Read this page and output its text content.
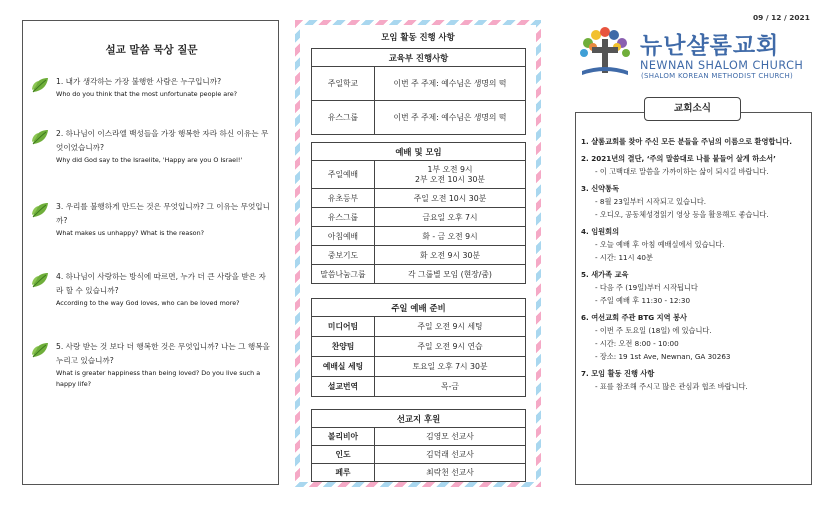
설교 말씀 묵상 질문
1. 내가 생각하는 가장 불행한 사람은 누구입니까?
Who do you think that the most unfortunate people are?
2. 하나님이 이스라엘 백성들을 가장 행복한 자라 하신 이유는 무엇이었습니까?
Why did God say to the Israelite, 'Happy are you O Israel!'
3. 우리를 불행하게 만드는 것은 무엇입니까? 그 이유는 무엇입니까?
What makes us unhappy? What is the reason?
4. 하나님이 사랑하는 방식에 따르면, 누가 더 큰 사랑을 받은 자라 할 수 있습니까?
According to the way God loves, who can be loved more?
5. 사랑 받는 것 보다 더 행복한 것은 무엇입니까? 나는 그 행복을 누리고 있습니까?
What is greater happiness than being loved? Do you live such a happy life?
모임 활동 진행 사항
교육부 진행사항	
주일학교	이번 주 주제: 예수님은 생명의 떡
유스그룹	이번 주 주제: 예수님은 생명의 떡
예배 및 모임	
주일예배	1부 오전 9시
2부 오전 10시 30분

유초등부	주일 오전 10시 30분
유스그룹	금요일 오후 7시
아침예배	화 - 금 오전 9시
중보기도	화 오전 9시 30분
말씀나눔그룹	각 그룹별 모임 (현장/줌)
주일 예배 준비	
미디어팀	주일 오전 9시 세팅
찬양팀	주일 오전 9시 연습
예배실 세팅	토요일 오후 7시 30분
설교번역	목-금
선교지 후원	
볼리비아	김영모 선교사
인도	김덕래 선교사
페루	최락천 선교사
09 / 12 / 2021
뉴난샬롬교회
NEWNAN SHALOM CHURCH
(SHALOM KOREAN METHODIST CHURCH)
교회소식
1. 샬롬교회를 찾아 주신 모든 분들을 주님의 이름으로 환영합니다.
2. 2021년의 결단, ‘주의 말씀대로 나를 붙들어 살게 하소서’
- 이 고백대로 말씀을 가까이하는 삶이 되시길 바랍니다.
3. 신약통독
- 8월 23일부터 시작되고 있습니다.
- 오디오, 공동체성경읽기 영상 등을 활용해도 좋습니다.
4. 임원회의
- 오늘 예배 후 아침 예배실에서 있습니다.
- 시간: 11시 40분
5. 새가족 교육
- 다음 주 (19일)부터 시작됩니다
- 주일 예배 후 11:30 - 12:30
6. 여선교회 주관 BTG 지역 봉사
- 이번 주 토요일 (18일) 에 있습니다.
- 시간: 오전 8:00 - 10:00
- 장소: 19 1st Ave, Newnan, GA 30263
7. 모임 활동 진행 사항
- 표를 참조해 주시고 많은 관심과 협조 바랍니다.
